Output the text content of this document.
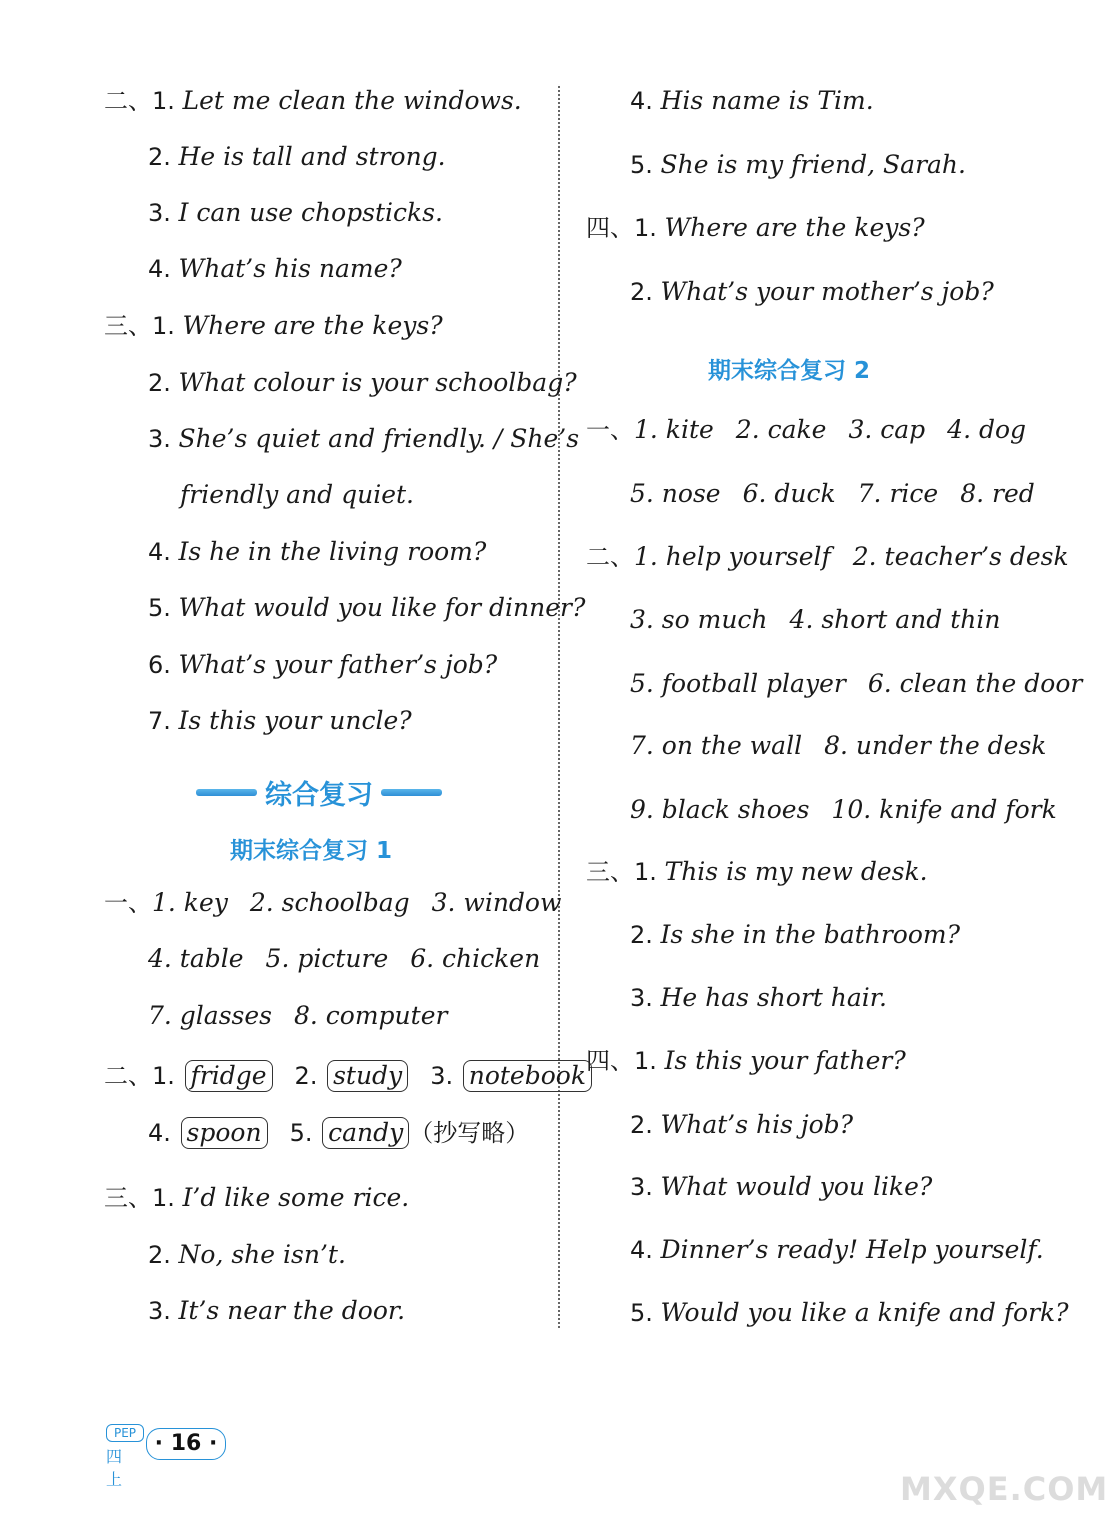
二、1. Let me clean the windows.
2. He is tall and strong.
3. I can use chopsticks.
4. What’s his name?
三、1. Where are the keys?
2. What colour is your schoolbag?
3. She’s quiet and friendly. / She’s
friendly and quiet.
4. Is he in the living room?
5. What would you like for dinner?
6. What’s your father’s job?
7. Is this your uncle?
综合复习
期末综合复习 1
一、1. key 2. schoolbag 3. window
4. table 5. picture 6. chicken
7. glasses 8. computer
二、1. fridge 2. study 3. notebook
4. spoon 5. candy （抄写略）
三、1. I’d like some rice.
2. No, she isn’t.
3. It’s near the door.
4. His name is Tim.
5. She is my friend, Sarah.
四、1. Where are the keys?
2. What’s your mother’s job?
期末综合复习 2
一、1. kite 2. cake 3. cap 4. dog
5. nose 6. duck 7. rice 8. red
二、1. help yourself 2. teacher’s desk
3. so much 4. short and thin
5. football player 6. clean the door
7. on the wall 8. under the desk
9. black shoes 10. knife and fork
三、1. This is my new desk.
2. Is she in the bathroom?
3. He has short hair.
四、1. Is this your father?
2. What’s his job?
3. What would you like?
4. Dinner’s ready! Help yourself.
5. Would you like a knife and fork?
PEP
四上
· 16 ·
MXQE.COM
